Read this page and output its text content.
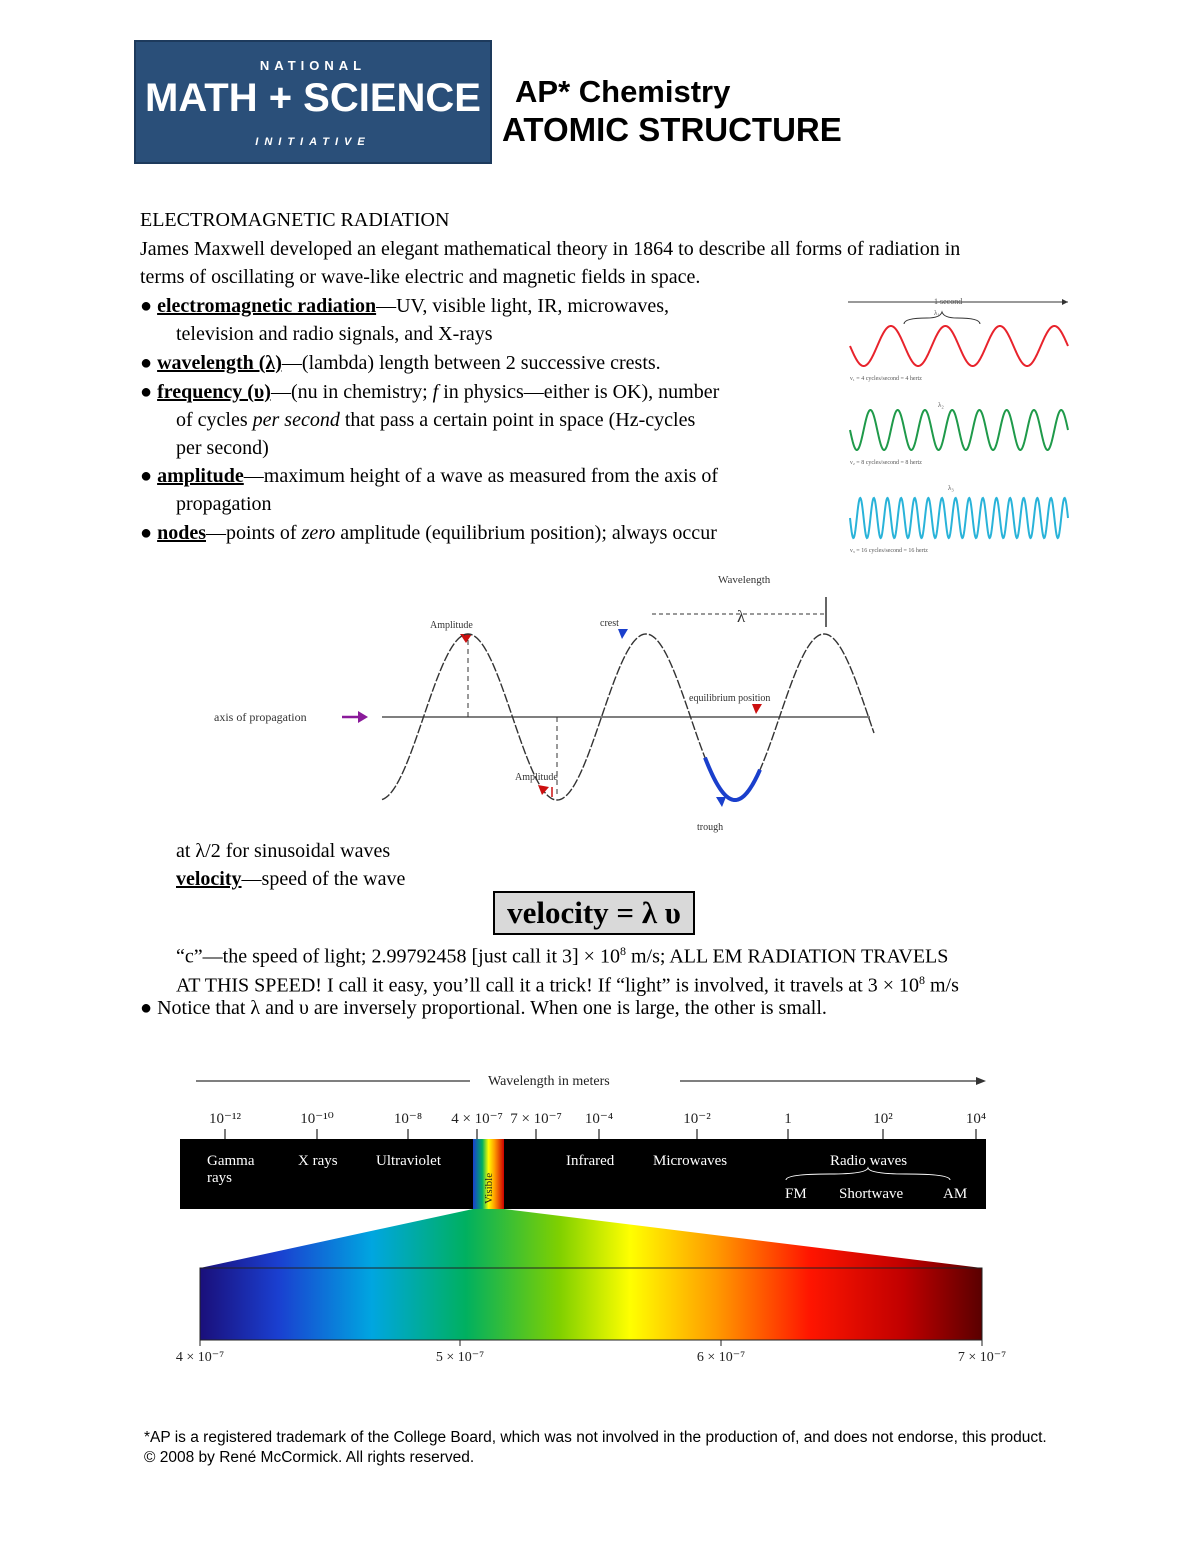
NATIONAL
MATH + SCIENCE
INITIATIVE
AP* Chemistry
ATOMIC STRUCTURE
ELECTROMAGNETIC RADIATION
James Maxwell developed an elegant mathematical theory in 1864 to describe all forms of radiation in
terms of oscillating or wave-like electric and magnetic fields in space.
● electromagnetic radiation—UV, visible light, IR, microwaves,
television and radio signals, and X-rays
● wavelength (λ)—(lambda) length between 2 successive crests.
● frequency (υ)—(nu in chemistry; f in physics—either is OK), number
of cycles per second that pass a certain point in space (Hz-cycles
per second)
● amplitude—maximum height of a wave as measured from the axis of
propagation
● nodes—points of zero amplitude (equilibrium position); always occur
1 second
λ₁
ν₁ = 4 cycles/second = 4 hertz
λ₂
ν₂ = 8 cycles/second = 8 hertz
λ₃
ν₃ = 16 cycles/second = 16 hertz
Wavelength
λ
Amplitude	crest
equilibrium position
axis of propagation
Amplitude
trough
at λ/2 for sinusoidal waves
velocity—speed of the wave
velocity = λ υ
“c”—the speed of light; 2.99792458 [just call it $3] \times 10^8$ m/s; ALL EM RADIATION TRAVELS
AT THIS SPEED! I call it easy, you’ll call it a trick! If “light” is involved, it travels at $3 \times 10^8$ m/s
● Notice that λ and υ are inversely proportional. When one is large, the other is small.
Wavelength in meters
10⁻¹²	10⁻¹⁰	10⁻⁸ 4 × 10⁻⁷ 7 × 10⁻⁷ 10⁻⁴	10⁻²	1	10²	10⁴
Visible
Gamma
rays
X rays	Ultraviolet	Infrared	Microwaves	Radio waves
FM Shortwave	AM
4 × 10⁻⁷	5 × 10⁻⁷	6 × 10⁻⁷	7 × 10⁻⁷
*AP is a registered trademark of the College Board, which was not involved in the production of, and does not endorse, this product.
© 2008 by René McCormick. All rights reserved.
